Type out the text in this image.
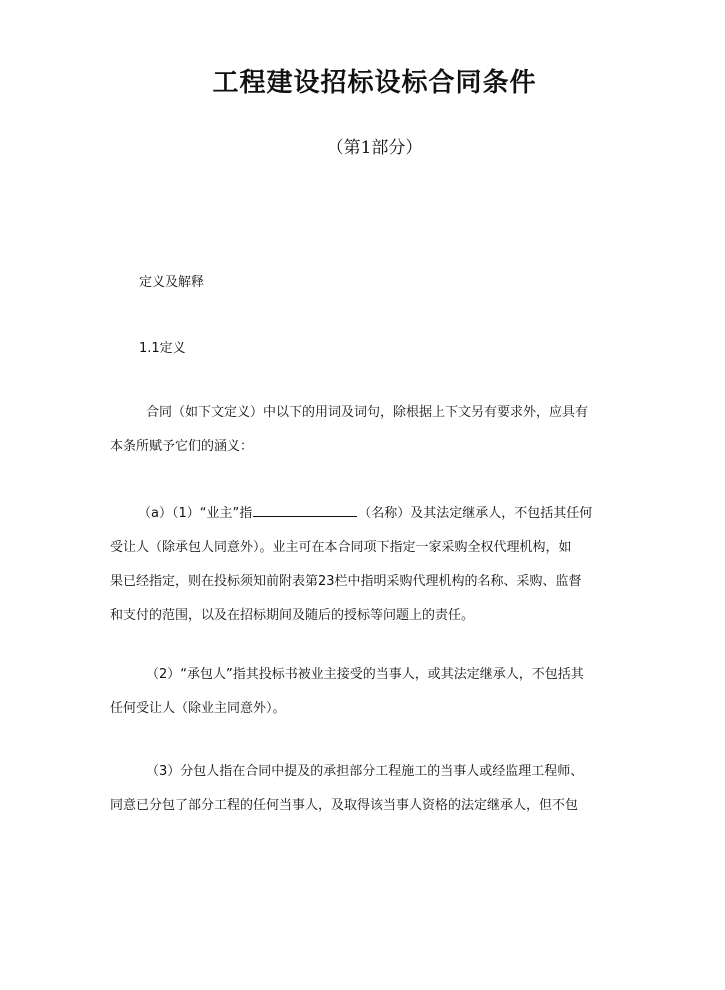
工程建设招标设标合同条件
（第1部分）
定义及解释
1.1定义
合同（如下文定义）中以下的用词及词句，除根据上下文另有要求外，应具有
本条所赋予它们的涵义：
（a）（1）“业主”指	（名称）及其法定继承人，不包括其任何
受让人（除承包人同意外）。业主可在本合同项下指定一家采购全权代理机构，如
果已经指定，则在投标须知前附表第23栏中指明采购代理机构的名称、采购、监督
和支付的范围，以及在招标期间及随后的授标等问题上的责任。
（2）“承包人”指其投标书被业主接受的当事人，或其法定继承人，不包括其
任何受让人（除业主同意外）。
（3）分包人指在合同中提及的承担部分工程施工的当事人或经监理工程师、
同意已分包了部分工程的任何当事人，及取得该当事人资格的法定继承人，但不包
